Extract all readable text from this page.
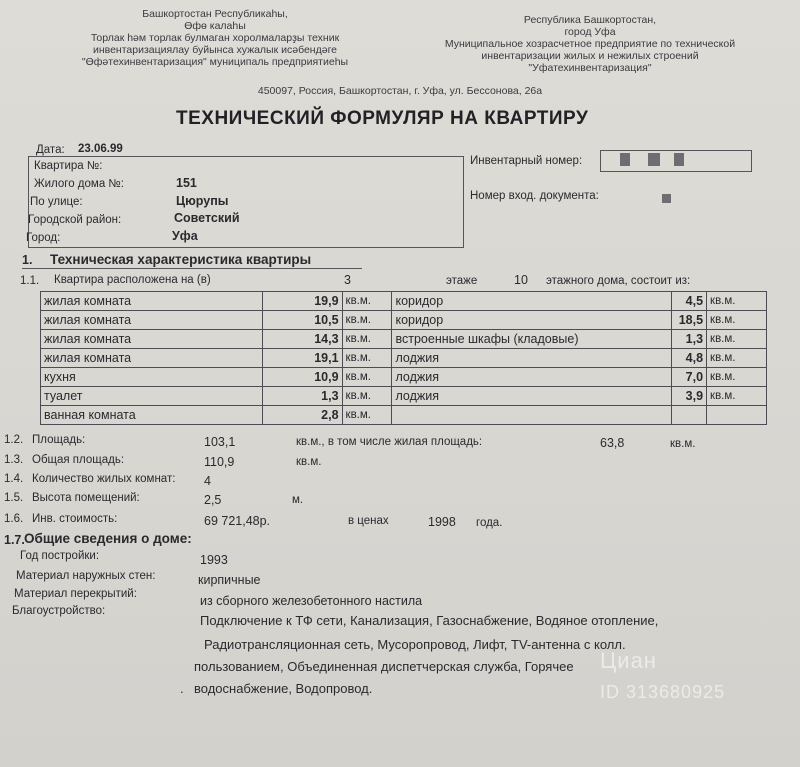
Башкортостан Республикаhы,
Өфө калаhы
Торлак hәм торлак булмаган хоролмаларҙы техник
инвентаризациялау буйынса хужалык исәбендәге
"Өфәтехинвентаризация" муниципаль предприятиеhы
Республика Башкортостан,
город Уфа
Муниципальное хозрасчетное предприятие по технической
инвентаризации жилых и нежилых строений
"Уфатехинвентаризация"
450097, Россия, Башкортостан, г. Уфа, ул. Бессонова, 26а
ТЕХНИЧЕСКИЙ ФОРМУЛЯР НА КВАРТИРУ
Дата: 23.06.99
Квартира №:
Жилого дома №:	151
По улице:	Цюрупы
Городской район:	Советский
Город:	Уфа
Инвентарный номер:
Номер вход. документа:
1. Техническая характеристика квартиры
1.1. Квартира расположена на (в)	3	этаже	10 этажного дома, состоит из:
жилая комната	19,9	кв.м.	коридор	4,5	кв.м.
жилая комната	10,5	кв.м.	коридор	18,5	кв.м.
жилая комната	14,3	кв.м.	встроенные шкафы (кладовые)	1,3	кв.м.
жилая комната	19,1	кв.м.	лоджия	4,8	кв.м.
кухня	10,9	кв.м.	лоджия	7,0	кв.м.
туалет	1,3	кв.м.	лоджия	3,9	кв.м.
ванная комната	2,8	кв.м.			
1.2. Площадь:	103,1	кв.м., в том числе жилая площадь:	63,8	кв.м.
1.3. Общая площадь:	110,9	кв.м.
1.4. Количество жилых комнат: 4
1.5. Высота помещений:	2,5	м.
1.6. Инв. стоимость:	69 721,48р.	в ценах	1998 года.
1.7. Общие сведения о доме:
Год постройки:	1993
Материал наружных стен:	кирпичные
Материал перекрытий:	из сборного железобетонного настила
Благоустройство:
Подключение к ТФ сети, Канализация, Газоснабжение, Водяное отопление,
Радиотрансляционная сеть, Мусоропровод, Лифт, TV-антенна с колл.
пользованием, Объединенная диспетчерская служба, Горячее
водоснабжение, Водопровод.
.
Циан
ID 313680925
